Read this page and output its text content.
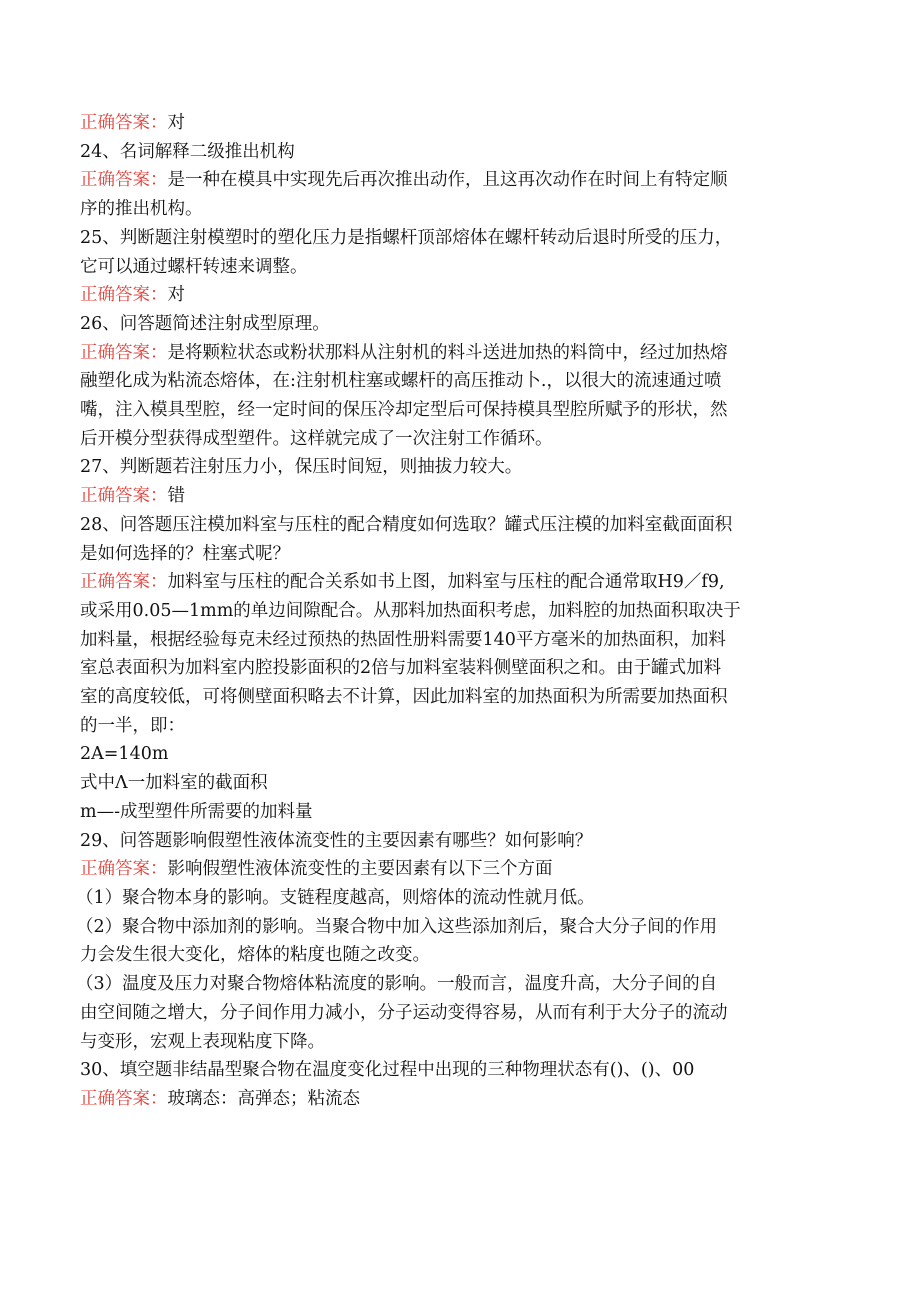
正确答案：对
24、名词解释二级推出机构
正确答案：是一种在模具中实现先后再次推出动作，且这再次动作在时间上有特定顺
序的推出机构。
25、判断题注射模塑时的塑化压力是指螺杆顶部熔体在螺杆转动后退时所受的压力，
它可以通过螺杆转速来调整。
正确答案：对
26、问答题简述注射成型原理。
正确答案：是将颗粒状态或粉状那料从注射机的料斗送进加热的料筒中，经过加热熔
融塑化成为粘流态熔体，在:注射机柱塞或螺杆的高压推动卜.，以很大的流速通过喷
嘴，注入模具型腔，经一定时间的保压冷却定型后可保持模具型腔所赋予的形状，然
后开模分型获得成型塑件。这样就完成了一次注射工作循环。
27、判断题若注射压力小，保压时间短，则抽拔力较大。
正确答案：错
28、问答题压注模加料室与压柱的配合精度如何选取？罐式压注模的加料室截面面积
是如何选择的？柱塞式呢？
正确答案：加料室与压柱的配合关系如书上图，加料室与压柱的配合通常取H9／f9,
或采用0.05—1mm的单边间隙配合。从那料加热面积考虑，加料腔的加热面积取决于
加料量，根据经验每克未经过预热的热固性册料需要140平方毫米的加热面积，加料
室总表面积为加料室内腔投影面积的2倍与加料室装料侧壁面积之和。由于罐式加料
室的高度较低，可将侧壁面积略去不计算，因此加料室的加热面积为所需要加热面积
的一半，即：
2A=140m
式中Λ一加料室的截面积
m—-成型塑件所需要的加料量
29、问答题影响假塑性液体流变性的主要因素有哪些？如何影响？
正确答案：影响假塑性液体流变性的主要因素有以下三个方面
（1）聚合物本身的影响。支链程度越高，则熔体的流动性就月低。
（2）聚合物中添加剂的影响。当聚合物中加入这些添加剂后，聚合大分子间的作用
力会发生很大变化，熔体的粘度也随之改变。
（3）温度及压力对聚合物熔体粘流度的影响。一般而言，温度升高，大分子间的自
由空间随之增大，分子间作用力减小，分子运动变得容易，从而有利于大分子的流动
与变形，宏观上表现粘度下降。
30、填空题非结晶型聚合物在温度变化过程中出现的三种物理状态有()、()、00
正确答案：玻璃态：高弹态；粘流态
